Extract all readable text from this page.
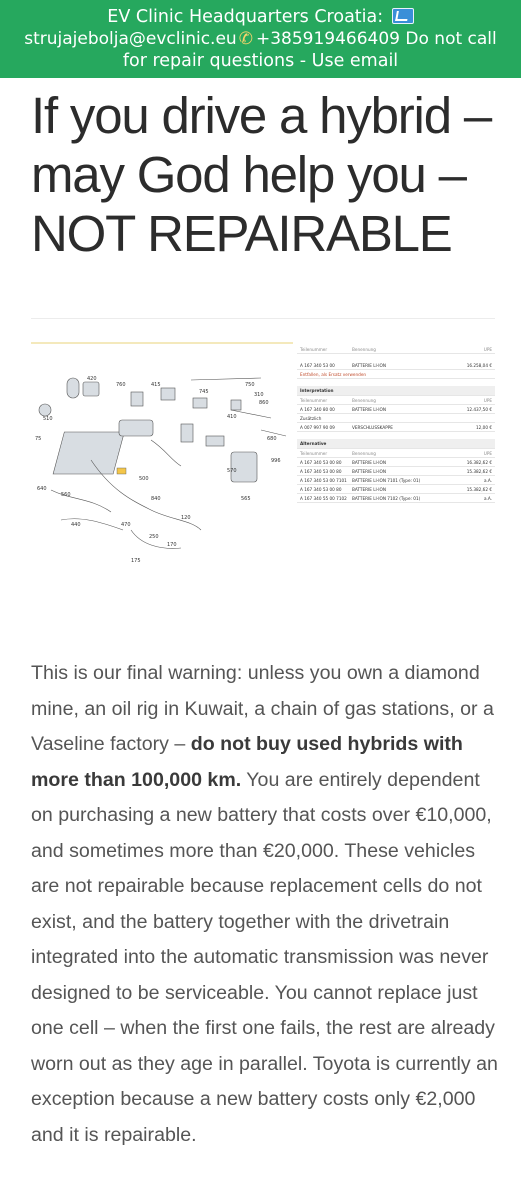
EV Clinic Headquarters Croatia:
strujajebolja@evclinic.eu ✆ +385919466409 Do not call
for repair questions - Use email
If you drive a hybrid – may God help you – NOT REPAIRABLE
420
760	415
745
750
310
860
410
510
75
500
840
640
560
440	470
120
250
175
170
565
996
570
680
Teilenummer	Benennung	UPE
A 167 340 53 00	BATTERIE LI-ION	16.258,04 €
Entfallen, als Ersatz verwenden
Interpretation
Teilenummer	Benennung	UPE
A 167 340 80 00	BATTERIE LI-ION	12.437,50 €
Zusätzlich
A 007 997 90 09	VERSCHLUSSKAPPE	12,00 €
Alternative
Teilenummer	Benennung	UPE
A 167 340 53 00 80	BATTERIE LI-ION	16.382,62 €
A 167 340 53 00 80	BATTERIE LI-ION	15.382,62 €
A 167 340 53 00 7101 BATTERIE LI-ION 7101 (Type: 01)	a.A.
A 167 340 53 00 80	BATTERIE LI-ION	15.382,62 €
A 167 340 55 00 7102 BATTERIE LI-ION 7102 (Type: 01)	a.A.

This is our final warning: unless you own a diamond mine, an oil rig in Kuwait, a chain of gas stations, or a Vaseline factory – do not buy used hybrids with more than 100,000 km. You are entirely dependent on purchasing a new battery that costs over €10,000, and sometimes more than €20,000. These vehicles are not repairable because replacement cells do not exist, and the battery together with the drivetrain integrated into the automatic transmission was never designed to be serviceable. You cannot replace just one cell – when the first one fails, the rest are already worn out as they age in parallel. Toyota is currently an exception because a new battery costs only €2,000 and it is repairable.
